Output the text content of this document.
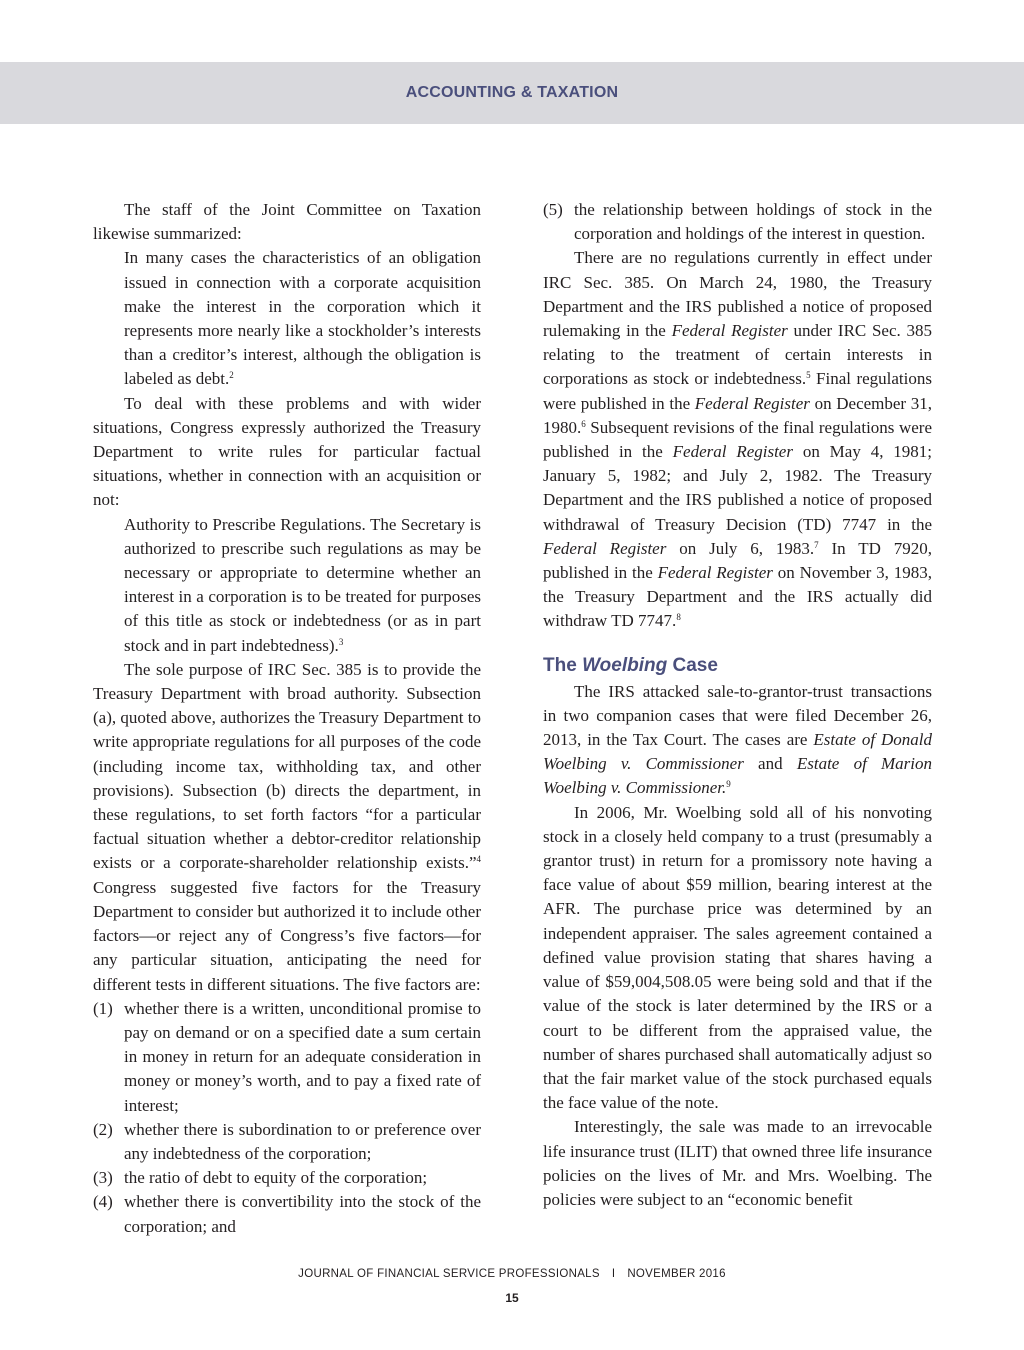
ACCOUNTING & TAXATION

The staff of the Joint Committee on Taxation likewise summarized:

In many cases the characteristics of an obligation issued in connection with a corporate acquisition make the interest in the corporation which it represents more nearly like a stockholder’s interests than a creditor’s interest, although the obligation is labeled as debt.$^2$

To deal with these problems and with wider situations, Congress expressly authorized the Treasury Department to write rules for particular factual situations, whether in connection with an acquisition or not:

Authority to Prescribe Regulations. The Secretary is authorized to prescribe such regulations as may be necessary or appropriate to determine whether an interest in a corporation is to be treated for purposes of this title as stock or indebtedness (or as in part stock and in part indebtedness).$^3$

The sole purpose of IRC Sec. 385 is to provide the Treasury Department with broad authority. Subsection (a), quoted above, authorizes the Treasury Department to write appropriate regulations for all purposes of the code (including income tax, withholding tax, and other provisions). Subsection (b) directs the department, in these regulations, to set forth factors “for a particular factual situation whether a debtor-creditor relationship exists or a corporate-shareholder relationship exists.”$^4$ Congress suggested five factors for the Treasury Department to consider but authorized it to include other factors—or reject any of Congress’s five factors—for any particular situation, anticipating the need for different tests in different situations. The five factors are:

(1) whether there is a written, unconditional promise to pay on demand or on a specified date a sum certain in money in return for an adequate consideration in money or money’s worth, and to pay a fixed rate of interest;
(2) whether there is subordination to or preference over any indebtedness of the corporation;
(3) the ratio of debt to equity of the corporation;
(4) whether there is convertibility into the stock of the corporation; and
(5) the relationship between holdings of stock in the corporation and holdings of the interest in question.

There are no regulations currently in effect under IRC Sec. 385. On March 24, 1980, the Treasury Department and the IRS published a notice of proposed rulemaking in the Federal Register under IRC Sec. 385 relating to the treatment of certain interests in corporations as stock or indebtedness.$^5$ Final regulations were published in the Federal Register on December 31, 1980.$^6$ Subsequent revisions of the final regulations were published in the Federal Register on May 4, 1981; January 5, 1982; and July 2, 1982. The Treasury Department and the IRS published a notice of proposed withdrawal of Treasury Decision (TD) 7747 in the Federal Register on July 6, 1983.$^7$ In TD 7920, published in the Federal Register on November 3, 1983, the Treasury Department and the IRS actually did withdraw TD 7747.$^8$

The Woelbing Case

The IRS attacked sale-to-grantor-trust transactions in two companion cases that were filed December 26, 2013, in the Tax Court. The cases are Estate of Donald Woelbing v. Commissioner and Estate of Marion Woelbing v. Commissioner.$^9$

In 2006, Mr. Woelbing sold all of his nonvoting stock in a closely held company to a trust (presumably a grantor trust) in return for a promissory note having a face value of about $59 million, bearing interest at the AFR. The purchase price was determined by an independent appraiser. The sales agreement contained a defined value provision stating that shares having a value of $59,004,508.05 were being sold and that if the value of the stock is later determined by the IRS or a court to be different from the appraised value, the number of shares purchased shall automatically adjust so that the fair market value of the stock purchased equals the face value of the note.

Interestingly, the sale was made to an irrevocable life insurance trust (ILIT) that owned three life insurance policies on the lives of Mr. and Mrs. Woelbing. The policies were subject to an “economic benefit

JOURNAL OF FINANCIAL SERVICE PROFESSIONALS I NOVEMBER 2016
15
